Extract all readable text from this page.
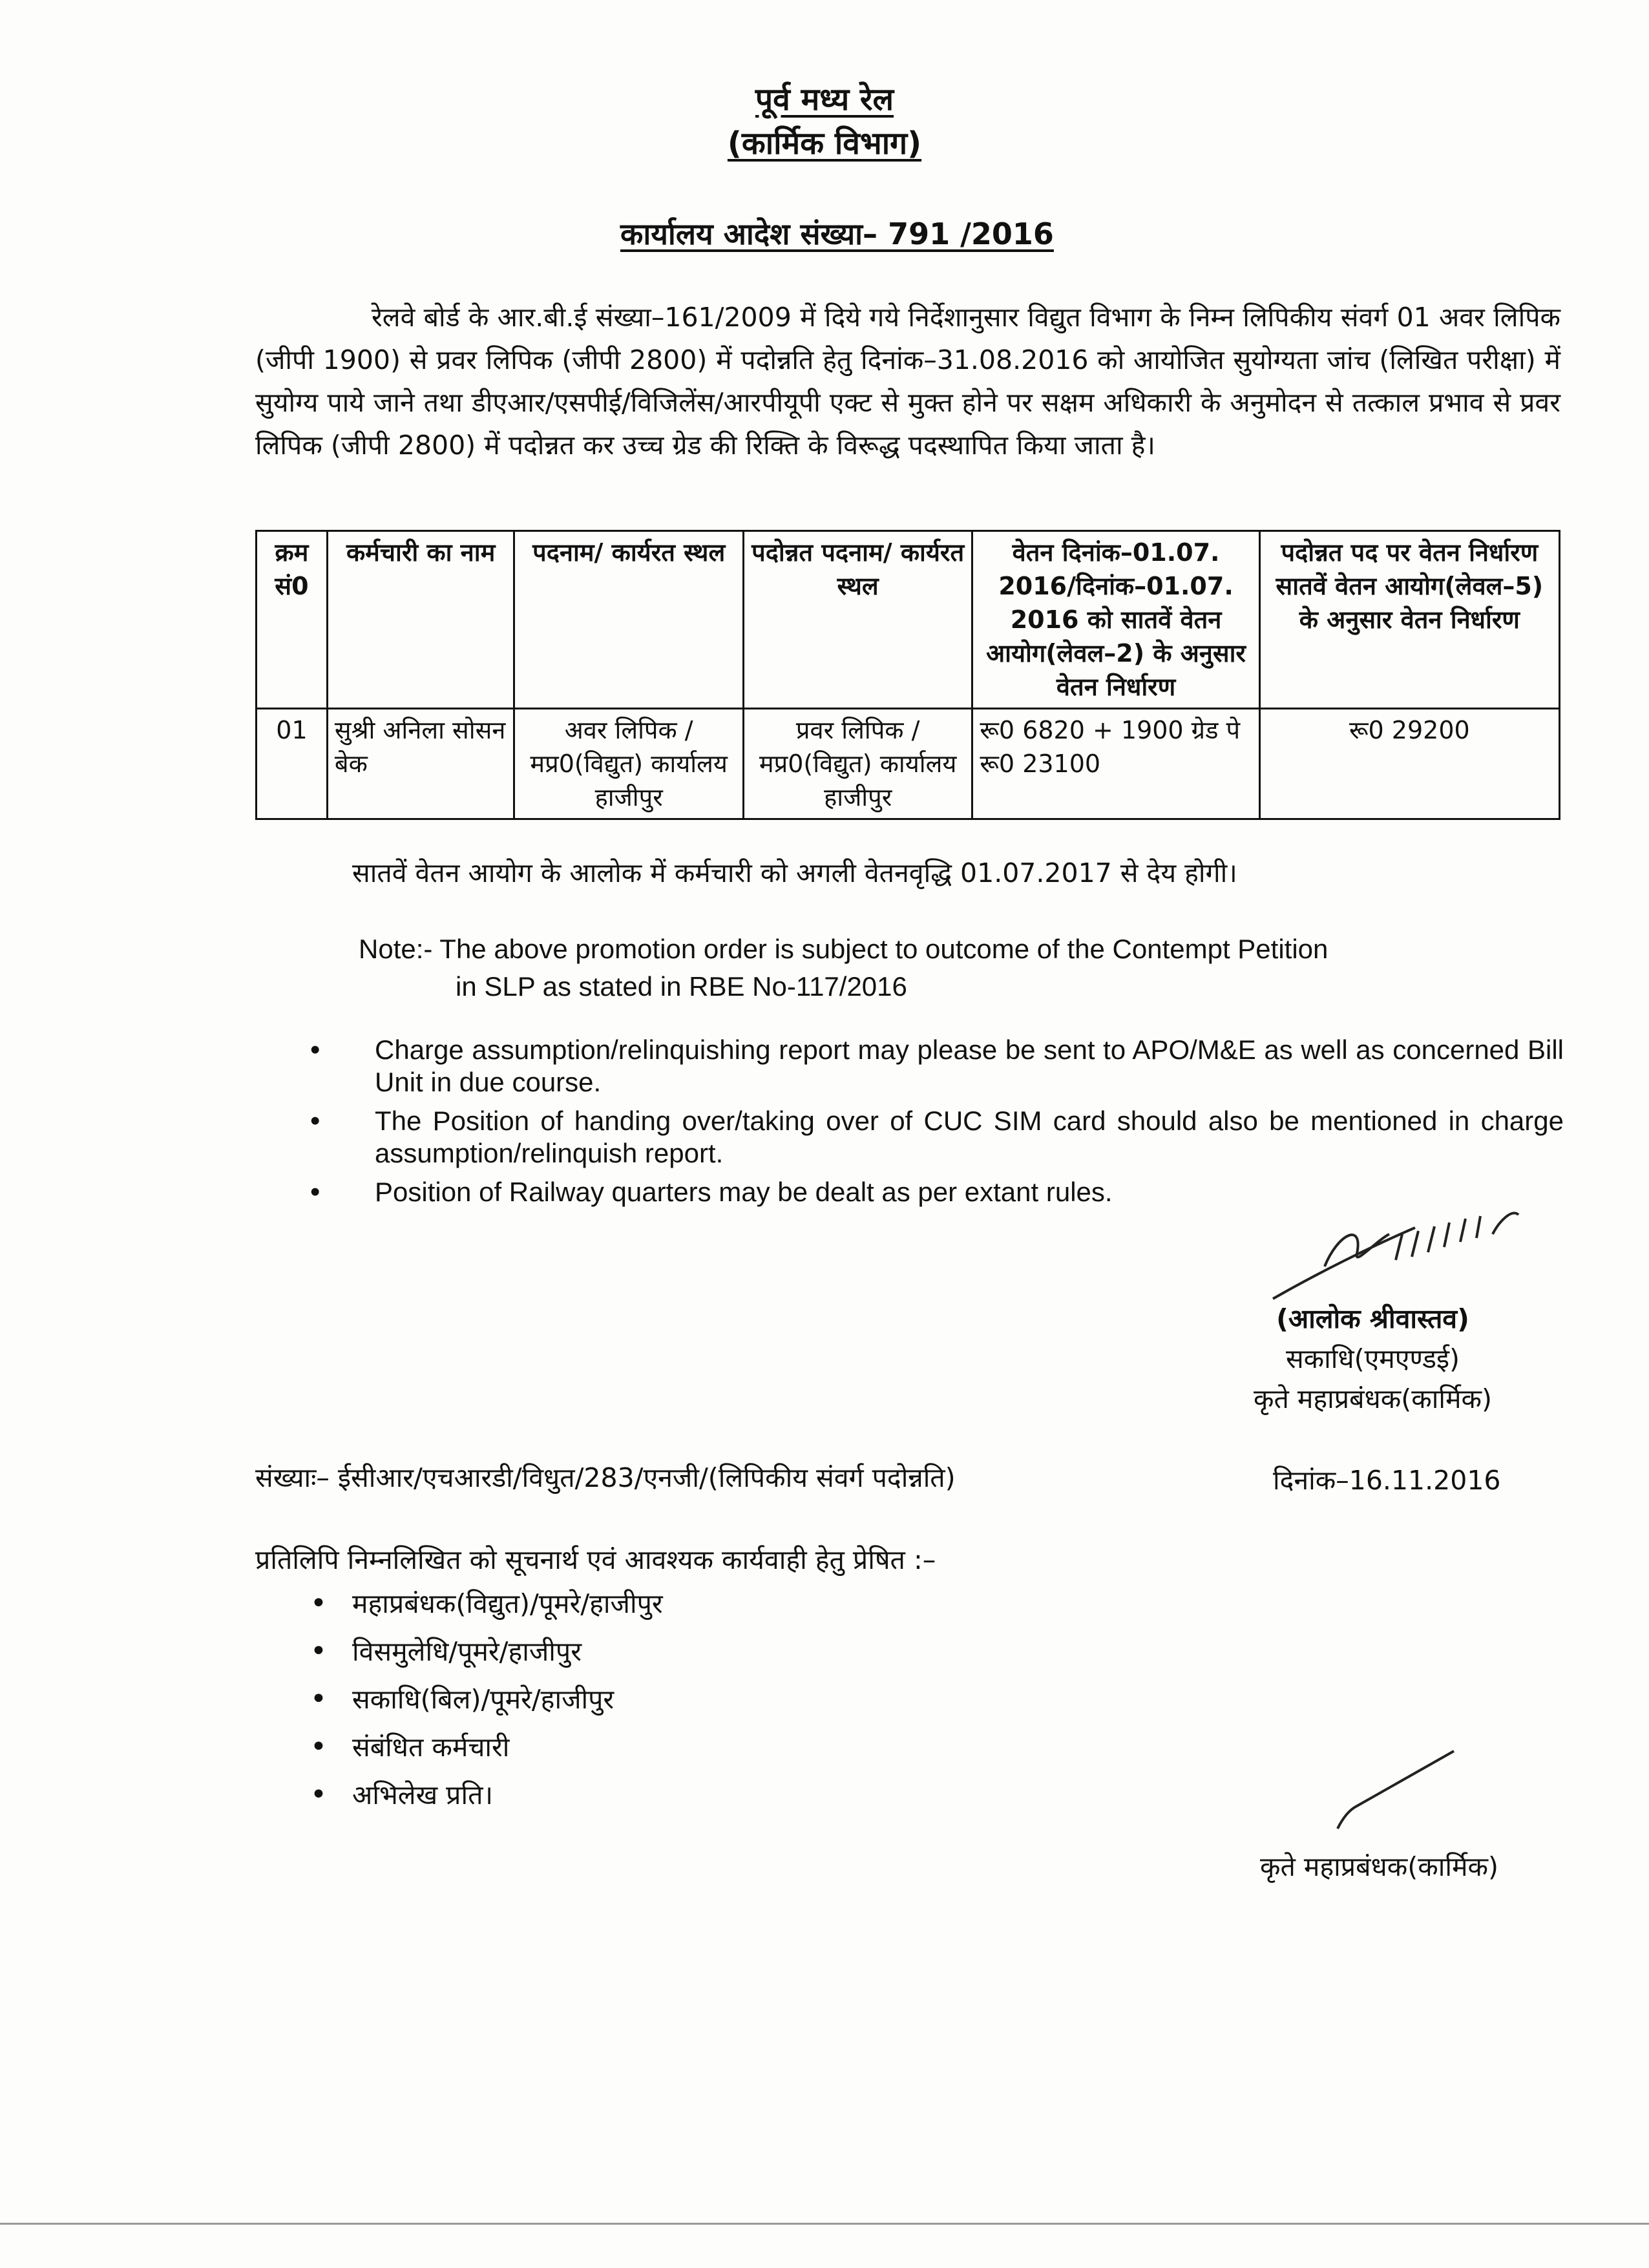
पूर्व मध्य रेल
(कार्मिक विभाग)
कार्यालय आदेश संख्या– 791 /2016
रेलवे बोर्ड के आर.बी.ई संख्या–161/2009 में दिये गये निर्देशानुसार विद्युत विभाग के निम्न लिपिकीय संवर्ग 01 अवर लिपिक (जीपी 1900) से प्रवर लिपिक (जीपी 2800) में पदोन्नति हेतु दिनांक–31.08.2016 को आयोजित सुयोग्यता जांच (लिखित परीक्षा) में सुयोग्य पाये जाने तथा डीएआर/एसपीई/विजिलेंस/आरपीयूपी एक्ट से मुक्त होने पर सक्षम अधिकारी के अनुमोदन से तत्काल प्रभाव से प्रवर लिपिक (जीपी 2800) में पदोन्नत कर उच्च ग्रेड की रिक्ति के विरूद्ध पदस्थापित किया जाता है।
क्रम सं0	कर्मचारी का नाम	पदनाम/ कार्यरत स्थल	पदोन्नत पदनाम/ कार्यरत स्थल	वेतन दिनांक–01.07. 2016/दिनांक–01.07. 2016 को सातवें वेतन आयोग(लेवल–2) के अनुसार वेतन निर्धारण	पदोन्नत पद पर वेतन निर्धारण सातवें वेतन आयोग(लेवल–5) के अनुसार वेतन निर्धारण
01	सुश्री अनिला सोसन बेक	अवर लिपिक /मप्र0(विद्युत) कार्यालय हाजीपुर	प्रवर लिपिक /मप्र0(विद्युत) कार्यालय हाजीपुर	रू0 6820 + 1900 ग्रेड पे रू0 23100	रू0 29200
सातवें वेतन आयोग के आलोक में कर्मचारी को अगली वेतनवृद्धि 01.07.2017 से देय होगी।
Note:- The above promotion order is subject to outcome of the Contempt Petition
in SLP as stated in RBE No-117/2016
• Charge assumption/relinquishing report may please be sent to APO/M&E as well as concerned Bill Unit in due course.
• The Position of handing over/taking over of CUC SIM card should also be mentioned in charge assumption/relinquish report.
• Position of Railway quarters may be dealt as per extant rules.
(आलोक श्रीवास्तव)
सकाधि(एमएण्डई)
कृते महाप्रबंधक(कार्मिक)
संख्याः– ईसीआर/एचआरडी/विधुत/283/एनजी/(लिपिकीय संवर्ग पदोन्नति)	दिनांक–16.11.2016
प्रतिलिपि निम्नलिखित को सूचनार्थ एवं आवश्यक कार्यवाही हेतु प्रेषित :–
• महाप्रबंधक(विद्युत)/पूमरे/हाजीपुर
• विसमुलेधि/पूमरे/हाजीपुर
• सकाधि(बिल)/पूमरे/हाजीपुर
• संबंधित कर्मचारी
• अभिलेख प्रति।
कृते महाप्रबंधक(कार्मिक)
